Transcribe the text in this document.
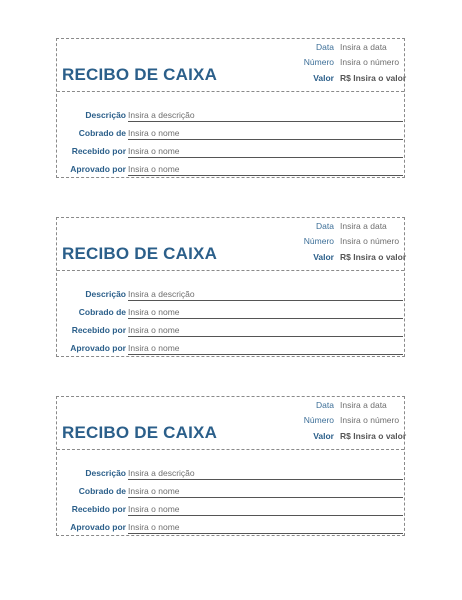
Data Insira a data
Número Insira o número
RECIBO DE CAIXA	Valor R$ Insira o valor
Descrição Insira a descrição
Cobrado de Insira o nome
Recebido por Insira o nome
Aprovado por Insira o nome
Data Insira a data
Número Insira o número
RECIBO DE CAIXA	Valor R$ Insira o valor
Descrição Insira a descrição
Cobrado de Insira o nome
Recebido por Insira o nome
Aprovado por Insira o nome
Data Insira a data
Número Insira o número
RECIBO DE CAIXA	Valor R$ Insira o valor
Descrição Insira a descrição
Cobrado de Insira o nome
Recebido por Insira o nome
Aprovado por Insira o nome
